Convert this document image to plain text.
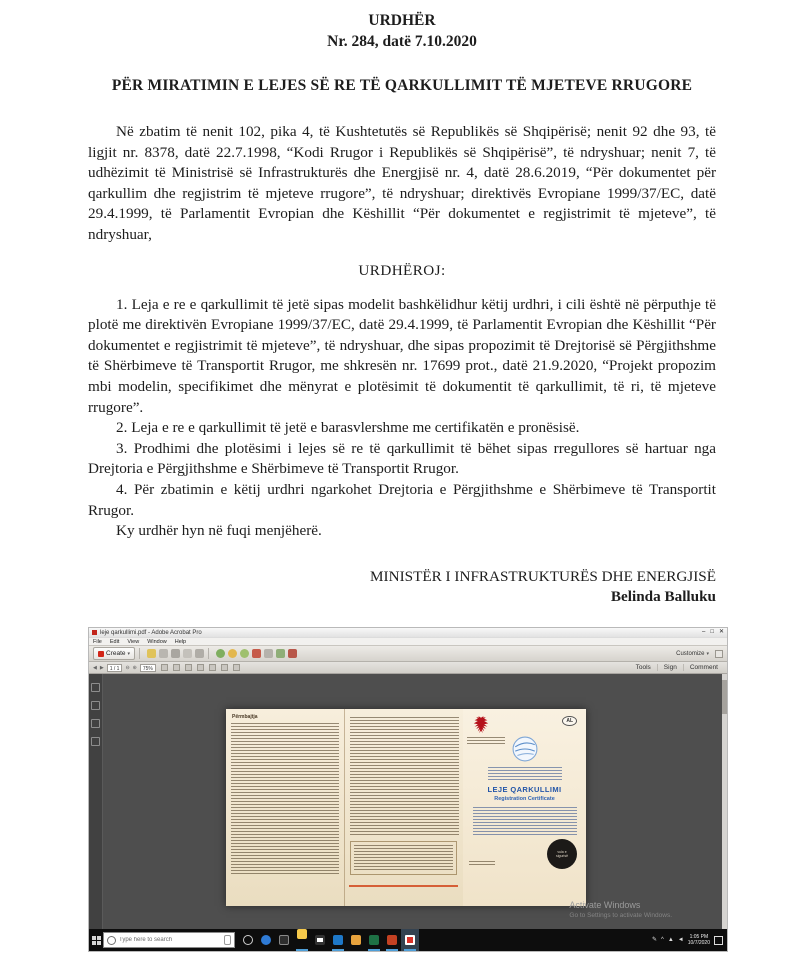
URDHËR
Nr. 284, datë 7.10.2020
PËR MIRATIMIN E LEJES SË RE TË QARKULLIMIT TË MJETEVE RRUGORE

Në zbatim të nenit 102, pika 4, të Kushtetutës së Republikës së Shqipërisë; nenit 92 dhe 93, të ligjit nr. 8378, datë 22.7.1998, “Kodi Rrugor i Republikës së Shqipërisë”, të ndryshuar; nenit 7, të udhëzimit të Ministrisë së Infrastrukturës dhe Energjisë nr. 4, datë 28.6.2019, “Për dokumentet për qarkullim dhe regjistrim të mjeteve rrugore”, të ndryshuar; direktivës Evropiane 1999/37/EC, datë 29.4.1999, të Parlamentit Evropian dhe Këshillit “Për dokumentet e regjistrimit të mjeteve”, të ndryshuar,

URDHËROJ:

1. Leja e re e qarkullimit të jetë sipas modelit bashkëlidhur këtij urdhri, i cili është në përputhje të plotë me direktivën Evropiane 1999/37/EC, datë 29.4.1999, të Parlamentit Evropian dhe Këshillit “Për dokumentet e regjistrimit të mjeteve”, të ndryshuar, dhe sipas propozimit të Drejtorisë së Përgjithshme të Shërbimeve të Transportit Rrugor, me shkresën nr. 17699 prot., datë 21.9.2020, “Projekt propozim mbi modelin, specifikimet dhe mënyrat e plotësimit të dokumentit të qarkullimit, të ri, të mjeteve rrugore”.

2. Leja e re e qarkullimit të jetë e barasvlershme me certifikatën e pronësisë.

3. Prodhimi dhe plotësimi i lejes së re të qarkullimit të bëhet sipas rregullores së hartuar nga Drejtoria e Përgjithshme e Shërbimeve të Transportit Rrugor.

4. Për zbatimin e këtij urdhri ngarkohet Drejtoria e Përgjithshme e Shërbimeve të Transportit Rrugor.

Ky urdhër hyn në fuqi menjëherë.

MINISTËR I INFRASTRUKTURËS DHE ENERGJISË
Belinda Balluku
leje qarkullimi.pdf - Adobe Acrobat Pro	– □ ✕
File Edit View Window Help
Create ▾	Customize ▾
◀ ▶	1 / 1	⊖ ⊕	75%	Tools	Sign	Comment
Përmbajtja
AL
LEJE QARKULLIMI
Registration Certificate
vula e
sigurisë
Activate Windows
Go to Settings to activate Windows.
Type here to search	✎ ^ ▲ ◄	1:05 PM
10/7/2020
